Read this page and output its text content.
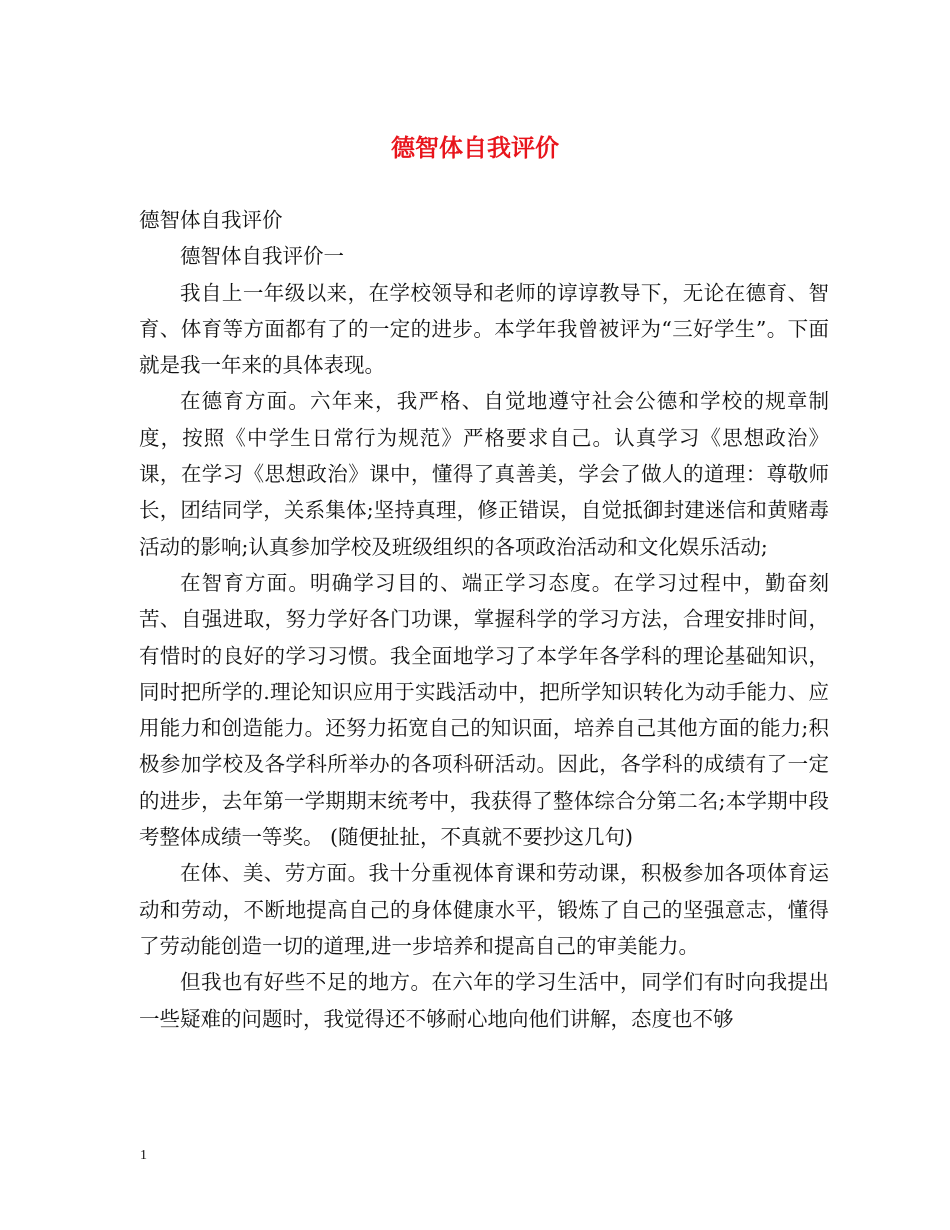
德智体自我评价

德智体自我评价

德智体自我评价一

我自上一年级以来，在学校领导和老师的谆谆教导下，无论在德育、智育、体育等方面都有了的一定的进步。本学年我曾被评为“三好学生”。下面就是我一年来的具体表现。

在德育方面。六年来，我严格、自觉地遵守社会公德和学校的规章制度，按照《中学生日常行为规范》严格要求自己。认真学习《思想政治》课，在学习《思想政治》课中，懂得了真善美，学会了做人的道理：尊敬师长，团结同学，关系集体;坚持真理，修正错误，自觉抵御封建迷信和黄赌毒活动的影响;认真参加学校及班级组织的各项政治活动和文化娱乐活动;

在智育方面。明确学习目的、端正学习态度。在学习过程中，勤奋刻苦、自强进取，努力学好各门功课，掌握科学的学习方法，合理安排时间，有惜时的良好的学习习惯。我全面地学习了本学年各学科的理论基础知识，同时把所学的.理论知识应用于实践活动中，把所学知识转化为动手能力、应用能力和创造能力。还努力拓宽自己的知识面，培养自己其他方面的能力;积极参加学校及各学科所举办的各项科研活动。因此，各学科的成绩有了一定的进步，去年第一学期期末统考中，我获得了整体综合分第二名;本学期中段考整体成绩一等奖。 (随便扯扯，不真就不要抄这几句)

在体、美、劳方面。我十分重视体育课和劳动课，积极参加各项体育运动和劳动，不断地提高自己的身体健康水平，锻炼了自己的坚强意志，懂得了劳动能创造一切的道理,进一步培养和提高自己的审美能力。

但我也有好些不足的地方。在六年的学习生活中，同学们有时向我提出一些疑难的问题时，我觉得还不够耐心地向他们讲解，态度也不够

1
